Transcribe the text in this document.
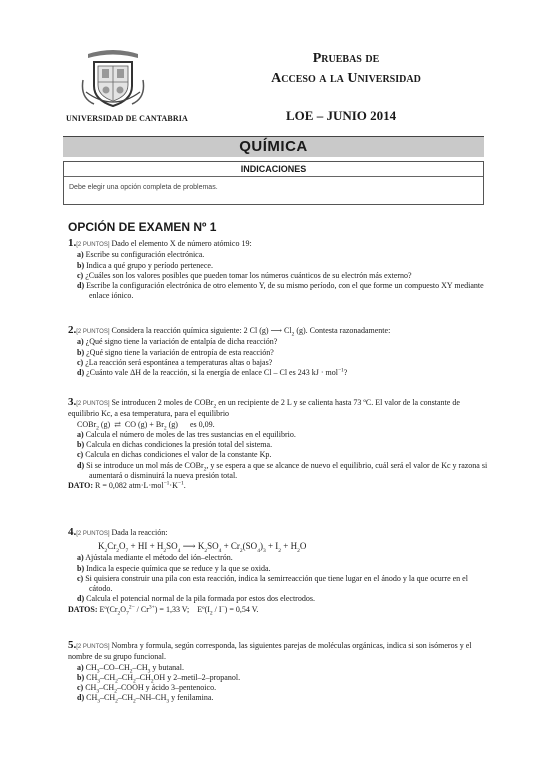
UNIVERSIDAD DE CANTABRIA
Pruebas de
Acceso a la Universidad
LOE – JUNIO 2014
QUÍMICA
INDICACIONES
Debe elegir una opción completa de problemas.
OPCIÓN DE EXAMEN Nº 1

1.[2 PUNTOS] Dado el elemento X de número atómico 19:

a) Escribe su configuración electrónica.

b) Indica a qué grupo y período pertenece.

c) ¿Cuáles son los valores posibles que pueden tomar los números cuánticos de su electrón más externo?

d) Escribe la configuración electrónica de otro elemento Y, de su mismo período, con el que forme un compuesto XY mediante enlace iónico.

2.[2 PUNTOS] Considera la reacción química siguiente: 2 Cl (g) ⟶ $Cl_2$ (g). Contesta razonadamente:

a) ¿Qué signo tiene la variación de entalpía de dicha reacción?

b) ¿Qué signo tiene la variación de entropía de esta reacción?

c) ¿La reacción será espontánea a temperaturas altas o bajas?

d) ¿Cuánto vale ΔH de la reacción, si la energía de enlace Cl – Cl es 243 kJ · mol$^{-1}$?

3.[2 PUNTOS] Se introducen 2 moles de COBr$_2$ en un recipiente de 2 L y se calienta hasta 73 ºC. El valor de la constante de equilibrio Kc, a esa temperatura, para el equilibrio

COBr$_2$ (g)  ⇄  CO $(g) + Br_2$ (g)      es 0,09.

a) Calcula el número de moles de las tres sustancias en el equilibrio.

b) Calcula en dichas condiciones la presión total del sistema.

c) Calcula en dichas condiciones el valor de la constante Kp.

d) Si se introduce un mol más de COBr$_2$, y se espera a que se alcance de nuevo el equilibrio, cuál será el valor de Kc y razona si aumentará o disminuirá la nueva presión total.

DATO: R = 0,082 $atm\cdot L\cdot mol^{-1}\cdot K^{-1}$.

4.[2 PUNTOS] Dada la reacción:

$K_2Cr_2O_7$ + HI + $H_2SO_4$ ⟶ $K_2SO_4 + Cr_2(SO_4)_3 + I_2 + H_2O$

a) Ajústala mediante el método del ión–electrón.

b) Indica la especie química que se reduce y la que se oxida.

c) Si quisiera construir una pila con esta reacción, indica la semirreacción que tiene lugar en el ánodo y la que ocurre en el cátodo.

d) Calcula el potencial normal de la pila formada por estos dos electrodos.

DATOS: $Eº(Cr_2O_7^{2-} / Cr^{3+}) = 1,33$ V;    $Eº(I_2 / I^-) = 0,54$ V.

5.[2 PUNTOS] Nombra y formula, según corresponda, las siguientes parejas de moléculas orgánicas, indica si son isómeros y el nombre de su grupo funcional.

a) $CH_3-CO-CH_2-CH_3$ y butanal.

b) $CH_3-CH_2-CH_2-CH_2OH$ y 2–metil–2–propanol.

c) $CH_3-CH_2$–COOH y ácido 3–pentenoico.

d) $CH_3-CH_2-CH_2-NH-CH_3$ y fenilamina.
